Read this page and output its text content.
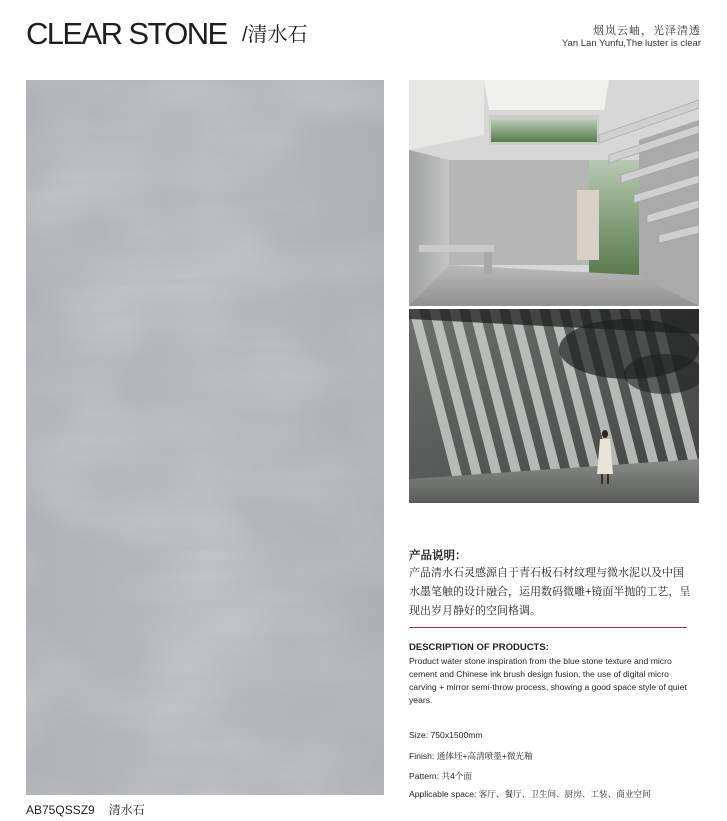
CLEAR STONE /清水石	烟岚云岫，光泽清透
Yan Lan Yunfu,The luster is clear
AB75QSSZ9 清水石
产品说明：
产品清水石灵感源自于青石板石材纹理与微水泥以及中国水墨笔触的设计融合，运用数码微雕+镜面半抛的工艺，呈现出岁月静好的空间格调。
DESCRIPTION OF PRODUCTS:
Product water stone inspiration from the blue stone texture and micro cement and Chinese ink brush design fusion, the use of digital micro carving + mirror semi-throw process, showing a good space style of quiet years.
Size: 750x1500mm
Finish: 通体坯+高清喷墨+微光釉
Pattern: 共4个面
Applicable space: 客厅、餐厅、卫生间、厨房、工装、商业空间
